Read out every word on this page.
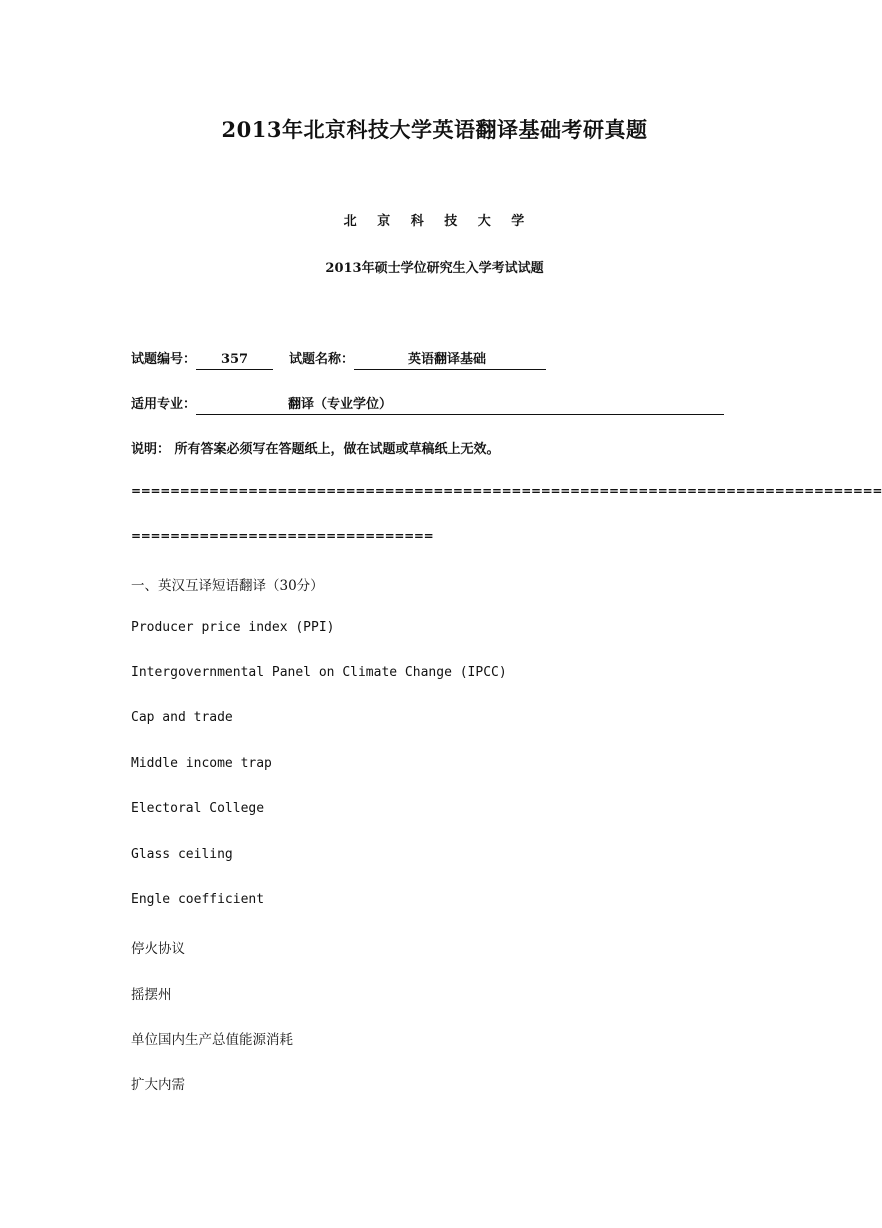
2013年北京科技大学英语翻译基础考研真题
北 京 科 技 大 学
2013年硕士学位研究生入学考试试题
试题编号： 357	试题名称：	英语翻译基础
适用专业：	翻译（专业学位）
说明： 所有答案必须写在答题纸上，做在试题或草稿纸上无效。
=============================================================================
===============================
一、英汉互译短语翻译（30分）
Producer price index (PPI)
Intergovernmental Panel on Climate Change (IPCC)
Cap and trade
Middle income trap
Electoral College
Glass ceiling
Engle coefficient
停火协议
摇摆州
单位国内生产总值能源消耗
扩大内需
